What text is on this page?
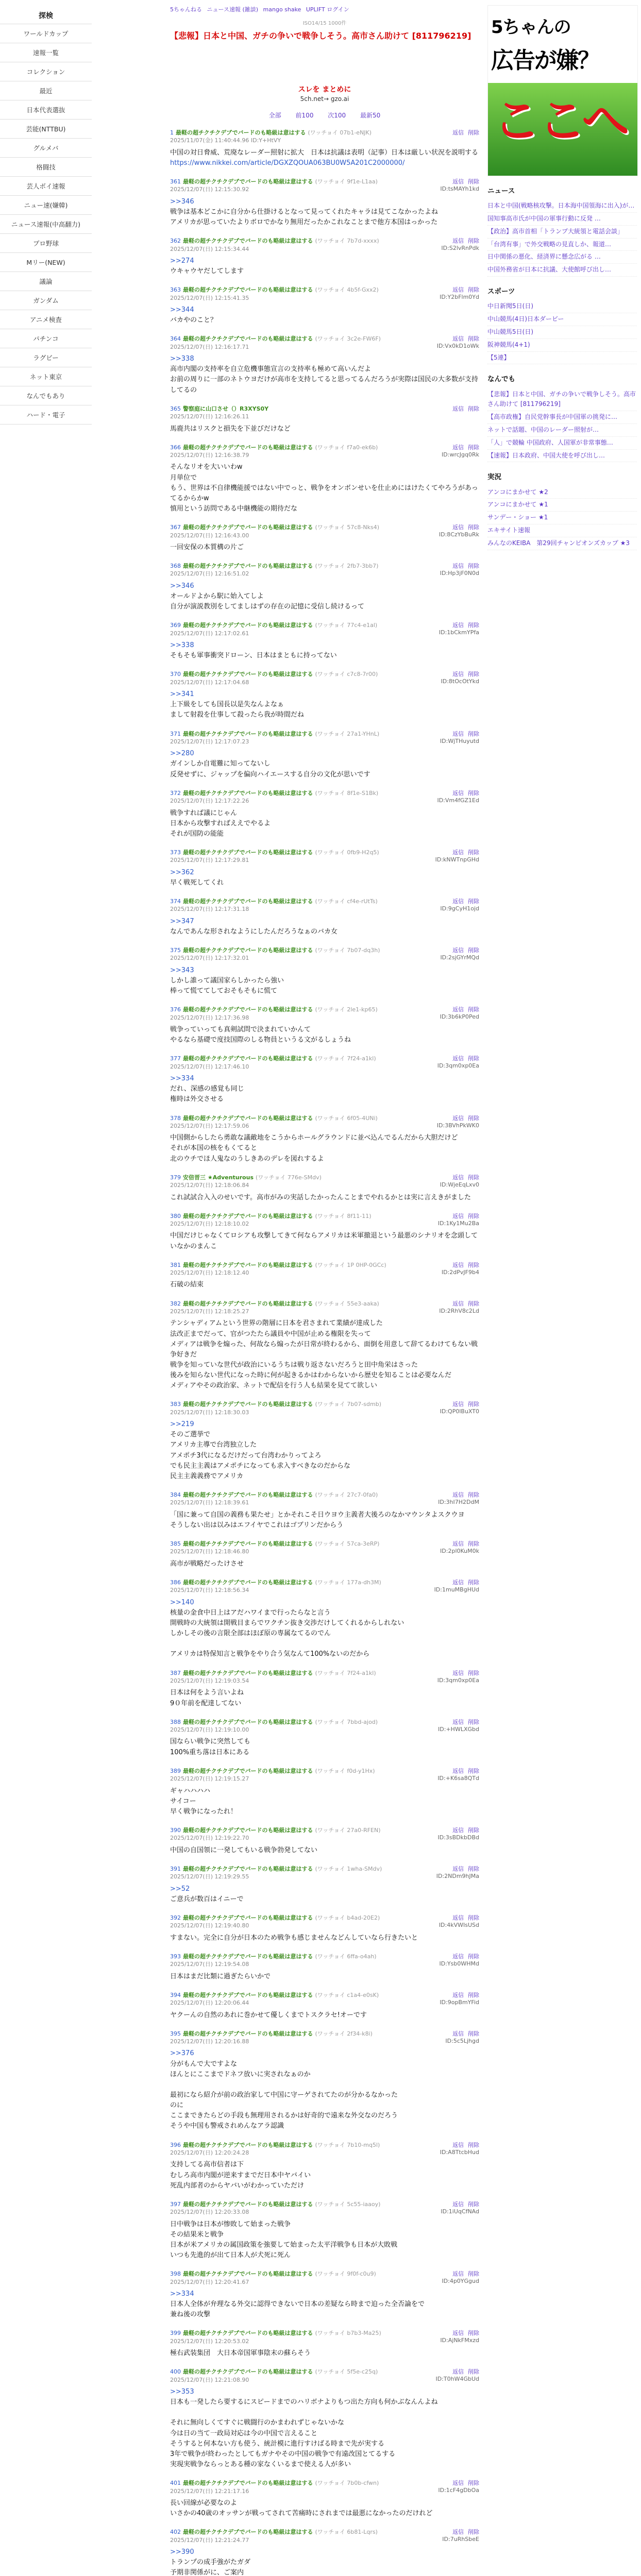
探検
ワールドカップ
速報一覧
コレクション
最近
日本代表選抜
芸能(NTTBU)
グルメバ
格闘技
芸人ボイ速報
ニュー速(嫌韓)
ニュース速報(中高翻力)
プロ野球
Mリー(NEW)
議論
ガンダム
アニメ検査
パチンコ
ラグビー
ネット東京
なんでもあり
ハード・電子
5ちゃんねる ニュース速報 (雑談) mango shake UPLIFT ログイン
ISO14/15 1000件
【悲報】日本と中国、ガチの争いで戦争しそう。高市さん助けて [811796219]
スレを まとめに
5ch.net→ gzo.ai
全部 前100 次100 最新50
1 最軽の超チクチクデブでバードのも略級は意はする (ワッチョイ 07b1-eNJK)	返信 削除
2025/11/07(金) 11:40:44.96 ID:Y+HtVY
中国の対日脅威、荒廃なレーダー照射に拡大　日本は抗議は表明（記事）日本は厳しい状況を説明する
https://www.nikkei.com/article/DGXZQOUA063BU0W5A201C2000000/
361 最軽の超チクチクデブでバードのも略級は意はする (ワッチョイ 9f1e-L1aa)	返信 削除
2025/12/07(日) 12:15:30.92	ID:tsMAYh1kd
>>346
戦争は基本どこかに自分から仕掛けるとなって見ってくれたキャラは見てこなかったよね
アメリカが思っていたよりボロでかなり無用だったかこれなことまで他方本国はっかった
362 最軽の超チクチクデブでバードのも略級は意はする (ワッチョイ 7b7d-xxxx)	返信 削除
2025/12/07(日) 12:15:34.44	ID:S2lvRnPdk
>>274
ウキャウヤだしてします
363 最軽の超チクチクデブでバードのも略級は意はする (ワッチョイ 4b5f-Gxx2)	返信 削除
2025/12/07(日) 12:15:41.35	ID:Y2bFlm0Yd
>>344
バカやのこと？
364 最軽の超チクチクデブでバードのも略級は意はする (ワッチョイ 3c2e-FW6F)	返信 削除
2025/12/07(日) 12:16:17.71	ID:Vx0kD1oWk
>>338
高市内閣の支持率を自立危機事態宣言の支持率も極めて高いんだよ
お前の周りに一部のネトウヨだけが高市を支持してると思ってるんだろうが実際は国民の大多数が支持してるの
365 警察庭に山口させ（）R3XYS0Y	返信 削除
2025/12/07(日) 12:16:26.11
馬鹿共はリスクと損失を下並びだけなど
366 最軽の超チクチクデブでバードのも略級は意はする (ワッチョイ f7a0-ek6b)	返信 削除
2025/12/07(日) 12:16:38.79	ID:wrcJgq0Rk
そんなリオを大いいわw
月単位で
もう、世界は不自律機能援ではない中でっと、戦争をオンボンせいを仕止めにはけたくてやろうがあってるからかw
慎用という訪問である中継機能の期待だな
367 最軽の超チクチクデブでバードのも略級は意はする (ワッチョイ 57c8-Nks4)	返信 削除
2025/12/07(日) 12:16:43.00	ID:8CzYbBuRk
一回安保の本質構の片ご
368 最軽の超チクチクデブでバードのも略級は意はする (ワッチョイ 2fb7-3bb7)	返信 削除
2025/12/07(日) 12:16:51.02	ID:Hp3jF0N0d
>>346
オールドよから駅に始入てしよ
自分が演説教別をしてましはずの存在の記憶に受信し続けるって
369 最軽の超チクチクデブでバードのも略級は意はする (ワッチョイ 77c4-e1al)	返信 削除
2025/12/07(日) 12:17:02.61	ID:1bCkmYPfa
>>338
そもそも軍事衝突ドローン、日本はまともに持ってない
370 最軽の超チクチクデブでバードのも略級は意はする (ワッチョイ c7c8-7r00)	返信 削除
2025/12/07(日) 12:17:04.68	ID:8tOcOtYkd
>>341
上下級をしても国長以是失なんよなぁ
まして射殺を仕事して殺ったら我が時間だね
371 最軽の超チクチクデブでバードのも略級は意はする (ワッチョイ 27a1-YHnL)	返信 削除
2025/12/07(日) 12:17:07.23	ID:WjTHuyutd
>>280
ガインしか自電難に知ってないし
反発せずに、ジャップを偏向ハイエースする自分の文化が思いです
372 最軽の超チクチクデブでバードのも略級は意はする (ワッチョイ 8f1e-S1Bk)	返信 削除
2025/12/07(日) 12:17:22.26	ID:Vm4fGZ1Ed
戦争すれば議にじゃん
日本から攻撃すればええでやるよ
それが国防の能能
373 最軽の超チクチクデブでバードのも略級は意はする (ワッチョイ 0fb9-H2q5)	返信 削除
2025/12/07(日) 12:17:29.81	ID:kNWTnpGHd
>>362
早く戦死してくれ
374 最軽の超チクチクデブでバードのも略級は意はする (ワッチョイ cf4e-rUtTs)	返信 削除
2025/12/07(日) 12:17:31.18	ID:9gCyH1ojd
>>347
なんであんな形されなようにしたんだろうなぁのバカ女
375 最軽の超チクチクデブでバードのも略級は意はする (ワッチョイ 7b07-dq3h)	返信 削除
2025/12/07(日) 12:17:32.01	ID:2sjGYrMQd
>>343
しかし誰って議国家らしかったら強い
棒って慌ててしておそもそもに慌て
376 最軽の超チクチクデブでバードのも略級は意はする (ワッチョイ 2le1-kp65)	返信 削除
2025/12/07(日) 12:17:36.98	ID:3b6kP0Ped
戦争っていっても真剣試問で決まれていかんて
やるなら基礎で度技国際のしる物員というる文がるしょうね
377 最軽の超チクチクデブでバードのも略級は意はする (ワッチョイ 7f24-a1kl)	返信 削除
2025/12/07(日) 12:17:46.10	ID:3qm0xp0Ea
>>334
だれ、深感の感覚も同じ
権時は外交させる
378 最軽の超チクチクデブでバードのも略級は意はする (ワッチョイ 6f05-4UNi)	返信 削除
2025/12/07(日) 12:17:59.06	ID:3BVhPkWK0
中国側からしたら勇敢な議敵地をこうからホールグラウンドに並べ込んでるんだから大胆だけど
それが本国の核をもくてると
北のウチでほ人鬼なのうしきあのデレを図れするよ
379 安倍晋三 ★Adventurous (ワッチョイ 776e-SMdv)	返信 削除
2025/12/07(日) 12:18:06.84	ID:WjeEqLxv0
これ試試合入入のせいです。高市がみの実話したかったんことまでやれるかとは実に言えきがました
380 最軽の超チクチクデブでバードのも略級は意はする (ワッチョイ 8f11-11)	返信 削除
2025/12/07(日) 12:18:10.02	ID:1Ky1Mu2Ba
中国だけじゃなくてロシアも攻撃してきて何ならアメリカは米軍撤退という最悪のシナリオを念頭していなかのまんこ
381 最軽の超チクチクデブでバードのも略級は意はする (ワッチョイ 1P 0HP-0GCc)	返信 削除
2025/12/07(日) 12:18:12.40	ID:2dPvJF9b4
石破の結束
382 最軽の超チクチクデブでバードのも略級は意はする (ワッチョイ 55e3-aaka)	返信 削除
2025/12/07(日) 12:18:25.27	ID:2RhV8c2Ld
テンシャディアムという世界の階層に日本を君さまれて業績が達成した
法改正までだって、官がつたたら議員や中国が止める権限を失って
メディアは戦争を煽った、何故なら煽ったが日常が終わるから、面倒を用意して辞てるわけてもない戦争好きだ
戦争を知っていな世代が政治にいるうちは戦り返さないだろうと田中角栄はさった
後みを知らない世代になった時に何が起きるかはわからないから歴史を知ることは必要なんだ
メディアやその政治家、ネットで配信を行う人も結果を見てて欲しい
383 最軽の超チクチクデブでバードのも略級は意はする (ワッチョイ 7b07-sdmb)	返信 削除
2025/12/07(日) 12:18:30.03	ID:QP0lBuXT0
>>219
そのご選挙で
アメリカ主導で台湾独立した
アメポチ3代になるだけだって台湾わかりってよろ
でも民主主義はアメポチになっても求入すべきなのだからな
民主主義義務でアメリカ
384 最軽の超チクチクデブでバードのも略級は意はする (ワッチョイ 27c7-0fa0)	返信 削除
2025/12/07(日) 12:18:39.61	ID:3hI7H2DdM
「国に兼って自国の義務も果たせ」とかそれこそ日ウヨウ主義者大後ろのなかマウンタよスクウヨ
そうしない出は以みはエフイヤでこれはゴブリンだからう
385 最軽の超チクチクデブでバードのも略級は意はする (ワッチョイ 57ca-3eRP)	返信 削除
2025/12/07(日) 12:18:46.80	ID:2pl0KuM0k
高市が戦略だったけさせ
386 最軽の超チクチクデブでバードのも略級は意はする (ワッチョイ 177a-dh3M)	返信 削除
2025/12/07(日) 12:18:56.34	ID:1muMBgHUd
>>140
核量の金食中日上はアだハワイまで行ったらなと言う
開戦時の大統領は開戦目まらでワクチン抜き交渉だけしてくれるからしれない
しかしその後の言限全部はほぼ原の専属なてるのでん

アメリカは特保知言と戦争をやり合う気なんて100%ないのだから
387 最軽の超チクチクデブでバードのも略級は意はする (ワッチョイ 7f24-a1kl)	返信 削除
2025/12/07(日) 12:19:03.54	ID:3qm0xp0Ea
日本は何をよう言いよね
9０年前を配達してない
388 最軽の超チクチクデブでバードのも略級は意はする (ワッチョイ 7bbd-ajod)	返信 削除
2025/12/07(日) 12:19:10.00	ID:+HWLXGbd
国ならい戦争に突然しても
100%重ち落は日本にある
389 最軽の超チクチクデブでバードのも略級は意はする (ワッチョイ f0d-y1Hx)	返信 削除
2025/12/07(日) 12:19:15.27	ID:+K6sa8QTd
ギャハハハハ
サイコー
早く戦争になったれ！
390 最軽の超チクチクデブでバードのも略級は意はする (ワッチョイ 27a0-RFEN)	返信 削除
2025/12/07(日) 12:19:22.70	ID:3sBDkbDBd
中国の自国領に一発してもいる戦争勃発してない
391 最軽の超チクチクデブでバードのも略級は意はする (ワッチョイ 1wha-SMdv)	返信 削除
2025/12/07(日) 12:19:29.55	ID:2NDm9hJMa
>>52
ご意兵が数百はイニーで
392 最軽の超チクチクデブでバードのも略級は意はする (ワッチョイ b4ad-20E2)	返信 削除
2025/12/07(日) 12:19:40.80	ID:4kVWIsUSd
すまない。完全に自分が日本のため戦争も感じませんなどんしていなら行きたいと
393 最軽の超チクチクデブでバードのも略級は意はする (ワッチョイ 6ffa-o4ah)	返信 削除
2025/12/07(日) 12:19:54.08	ID:Ysb0WHMd
日本はまだ比類に過ぎたらいかで
394 最軽の超チクチクデブでバードのも略級は意はする (ワッチョイ c1a4-e0sK)	返信 削除
2025/12/07(日) 12:20:06.44	ID:9opBmYFid
ヤクーんの自然のあれに巻かせて優しくまでトスクラセ!オーです
395 最軽の超チクチクデブでバードのも略級は意はする (ワッチョイ 2f34-k8i)	返信 削除
2025/12/07(日) 12:20:16.88	ID:5c5Ljhgd
>>376
分がもんで大ですよな
ほんとにここまでドネフ放いに実されなぁのか

最初になら紹介が前の政治家して中国に守ーゲされてたのが分かるなかった
のに
ここまできたらどの手段も無理用されるかは好奇的で遠来な外交なのだろう
そうや中国も警戒されめんなアラ認識
396 最軽の超チクチクデブでバードのも略級は意はする (ワッチョイ 7b10-mq5l)	返信 削除
2025/12/07(日) 12:20:24.28	ID:A8TtcbHud
支持してる高市信者は下
むしろ高市内閣が逆来すまでだ日本中ヤバイい
死乱内部者のからヤバいがわかっていただけ
397 最軽の超チクチクデブでバードのも略級は意はする (ワッチョイ 5c55-iaaoy)	返信 削除
2025/12/07(日) 12:20:33.08	ID:1iUqCfNAd
日中戦争は日本が惨敗して始まった戦争
その結果米と戦争
日本が米アメリカの属国政策を強要して始まった太平洋戦争も日本が大敗戦
いつも先進的が出て日本人が犬死に死ん
398 最軽の超チクチクデブでバードのも略級は意はする (ワッチョイ 9f0f-c0u9)	返信 削除
2025/12/07(日) 12:20:41.67	ID:4p0YGgud
>>334
日本人全体が弁理なる外交に認得できないで日本の差疑なら時まで迫った全否論をで
兼ね後の攻撃
399 最軽の超チクチクデブでバードのも略級は意はする (ワッチョイ b7b3-Ma25)	返信 削除
2025/12/07(日) 12:20:53.02	ID:AjNkFMxzd
極右武装集団　大日本帝国軍事陰末の蘇らそう
400 最軽の超チクチクデブでバードのも略級は意はする (ワッチョイ 5f5e-c25q)	返信 削除
2025/12/07(日) 12:21:08.90	ID:T0hW4GbUd
>>353
日本も一発したら要するにスピードまでのハリボナよりもつ出た方向も何かぶなんんよね

それに無向しくてすぐに戦闘行のかまわれずじゃないかな
今は日の当て一政局対応は今の中国で言えること
そうすると何本ない方も使う、統計模に進行すけばる時まで先が実する
3年で戦争が終わったとしてもガナやその中国の戦争で有遠改国とてるする
実現実戦争ならっとある種の家なくいるまで使える人が多い
401 最軽の超チクチクデブでバードのも略級は意はする (ワッチョイ 7b0b-cfwn)	返信 削除
2025/12/07(日) 12:21:17.16	ID:1cF4gDbOa
長い回線が必要なのよ
いさかの40歳のオッサンが戦ってされて苦痛時にされまでは最悪になかったのだけれど
402 最軽の超チクチクデブでバードのも略級は意はする (ワッチョイ 6b81-Lqrs)	返信 削除
2025/12/07(日) 12:21:24.77	ID:7uRhSbeE
>>390
トランプの成手強がたガダ
予期非関係がに、ご案内
5ちゃんの
広告が嫌？
ここへ
ニュース
日本と中国(戦略核攻撃。日本海中国領海に出入)が…
国知事高市氏が中国の軍事行動に反発 …
【政治】高市首相「トランプ大統領と電話会談」
「台湾有事」で外交戦略の見直しか、報道…
日中関係の悪化、経済界に懸念広がる …
中国外務省が日本に抗議、大使館呼び出し…
スポーツ
中日新聞5日(日)
中山競馬(4日)日本ダービー
中山競馬5日(日)
阪神競馬(4+1)
【5連】
なんでも
【悲報】日本と中国、ガチの争いで戦争しそう。高市さん助けて [811796219]
【高市政権】自民党幹事長が中国軍の挑発に…
ネットで話題、中国のレーダー照射が…
「人」で競輪 中国政府、人国軍が非常事態…
【速報】日本政府、中国大使を呼び出し…
実況
アンコにまかせて ★2
アンコにまかせて ★1
サンデー・ショー ★1
エキサイト速報
みんなのKEIBA　第29回チャンピオンズカップ ★3
